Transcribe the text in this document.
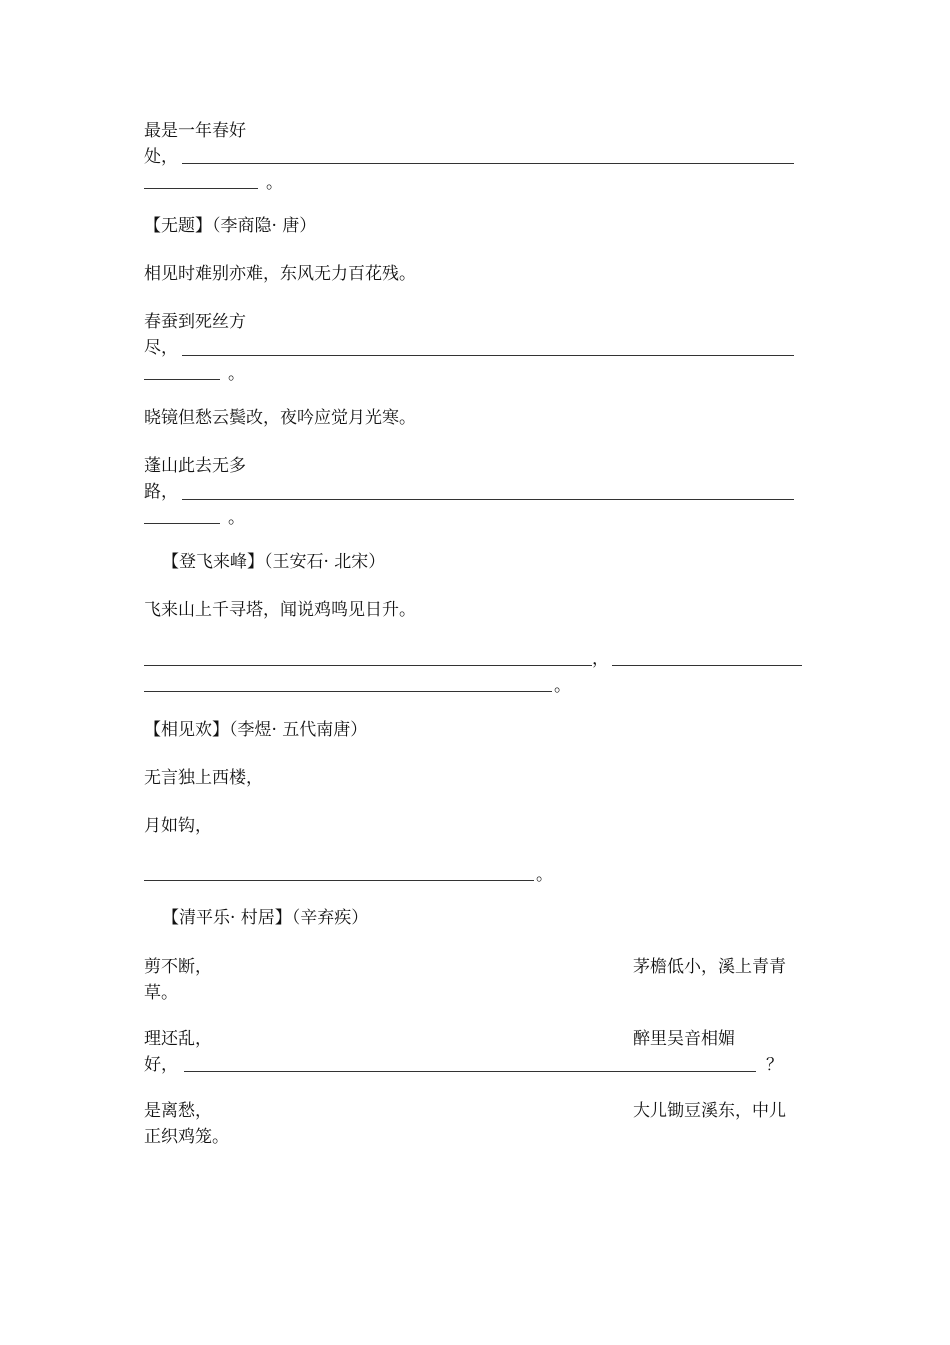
最是一年春好
处，
。
【无题】（李商隐· 唐）
相见时难别亦难，东风无力百花残。
春蚕到死丝方
尽，
。
晓镜但愁云鬓改，夜吟应觉月光寒。
蓬山此去无多
路，
。
【登飞来峰】（王安石· 北宋）
飞来山上千寻塔，闻说鸡鸣见日升。
，
。
【相见欢】（李煜· 五代南唐）
无言独上西楼，
月如钩，
。
【清平乐· 村居】（辛弃疾）
剪不断，	茅檐低小，溪上青青
草。
理还乱，	醉里吴音相媚
好，	？
是离愁，	大儿锄豆溪东，中儿
正织鸡笼。
